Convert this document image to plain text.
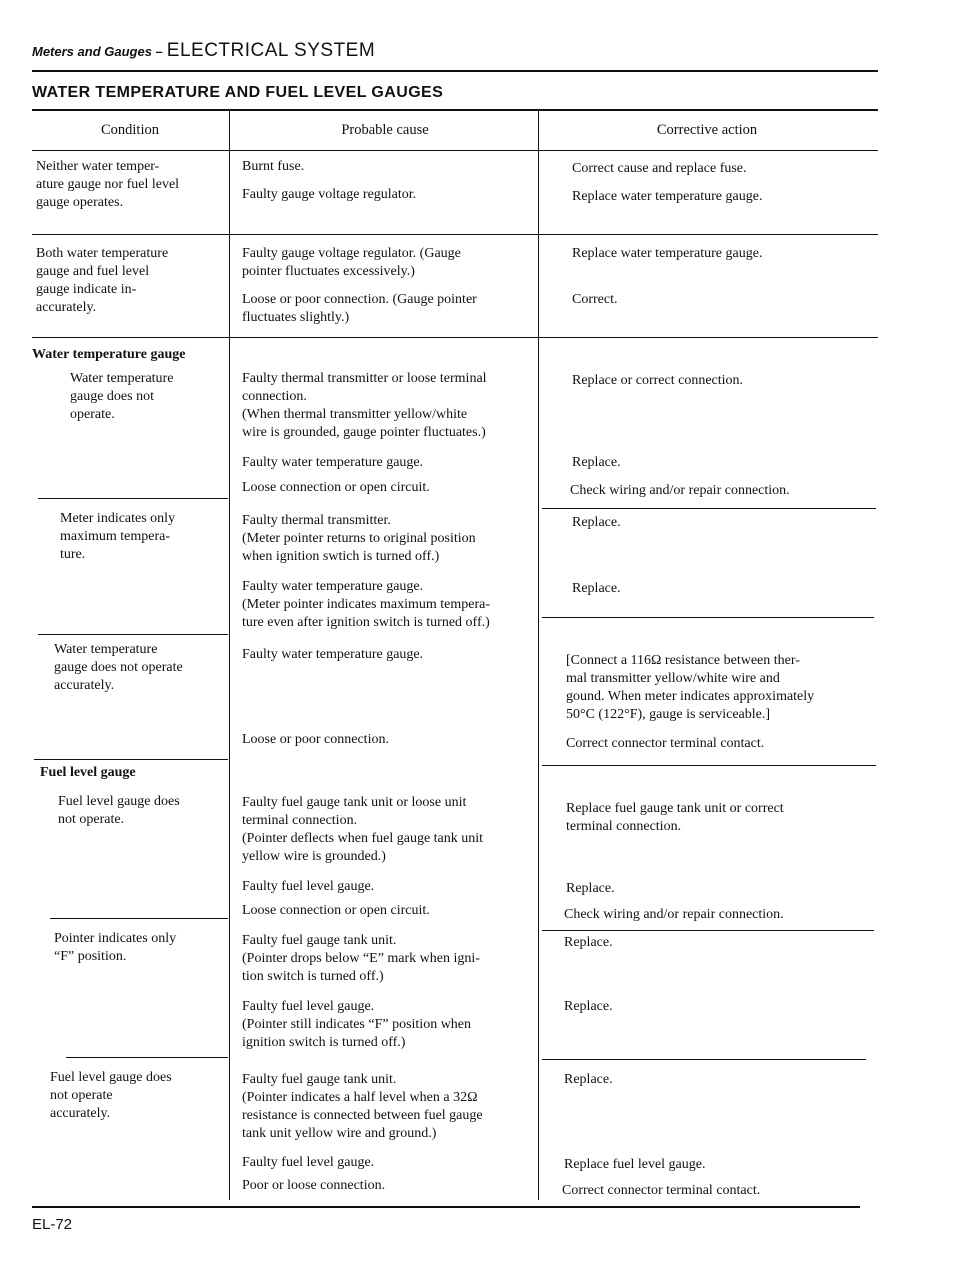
Meters and Gauges – ELECTRICAL SYSTEM
WATER TEMPERATURE AND FUEL LEVEL GAUGES
Condition	Probable cause	Corrective action
Water temperature gauge
Fuel level gauge
Neither water temper-
ature gauge nor fuel level
gauge operates.
Both water temperature
gauge and fuel level
gauge indicate in-
accurately.
Water temperature
gauge does not
operate.
Meter indicates only
maximum tempera-
ture.
Water temperature
gauge does not operate
accurately.
Fuel level gauge does
not operate.
Pointer indicates only
“F” position.
Fuel level gauge does
not operate
accurately.
Burnt fuse.
Faulty gauge voltage regulator.
Faulty gauge voltage regulator. (Gauge
pointer fluctuates excessively.)
Loose or poor connection. (Gauge pointer
fluctuates slightly.)
Faulty thermal transmitter or loose terminal
connection.
(When thermal transmitter yellow/white
wire is grounded, gauge pointer fluctuates.)
Faulty water temperature gauge.
Loose connection or open circuit.
Faulty thermal transmitter.
(Meter pointer returns to original position
when ignition swtich is turned off.)
Faulty water temperature gauge.
(Meter pointer indicates maximum tempera-
ture even after ignition switch is turned off.)
Faulty water temperature gauge.
Loose or poor connection.
Faulty fuel gauge tank unit or loose unit
terminal connection.
(Pointer deflects when fuel gauge tank unit
yellow wire is grounded.)
Faulty fuel level gauge.
Loose connection or open circuit.
Faulty fuel gauge tank unit.
(Pointer drops below “E” mark when igni-
tion switch is turned off.)
Faulty fuel level gauge.
(Pointer still indicates “F” position when
ignition switch is turned off.)
Faulty fuel gauge tank unit.
(Pointer indicates a half level when a 32Ω
resistance is connected between fuel gauge
tank unit yellow wire and ground.)
Faulty fuel level gauge.
Poor or loose connection.
Correct cause and replace fuse.
Replace water temperature gauge.
Replace water temperature gauge.
Correct.
Replace or correct connection.
Replace.
Check wiring and/or repair connection.
Replace.
Replace.
[Connect a 116Ω resistance between ther-
mal transmitter yellow/white wire and
gound. When meter indicates approximately
50°C (122°F), gauge is serviceable.]
Correct connector terminal contact.
Replace fuel gauge tank unit or correct
terminal connection.
Replace.
Check wiring and/or repair connection.
Replace.
Replace.
Replace.
Replace fuel level gauge.
Correct connector terminal contact.
EL-72
